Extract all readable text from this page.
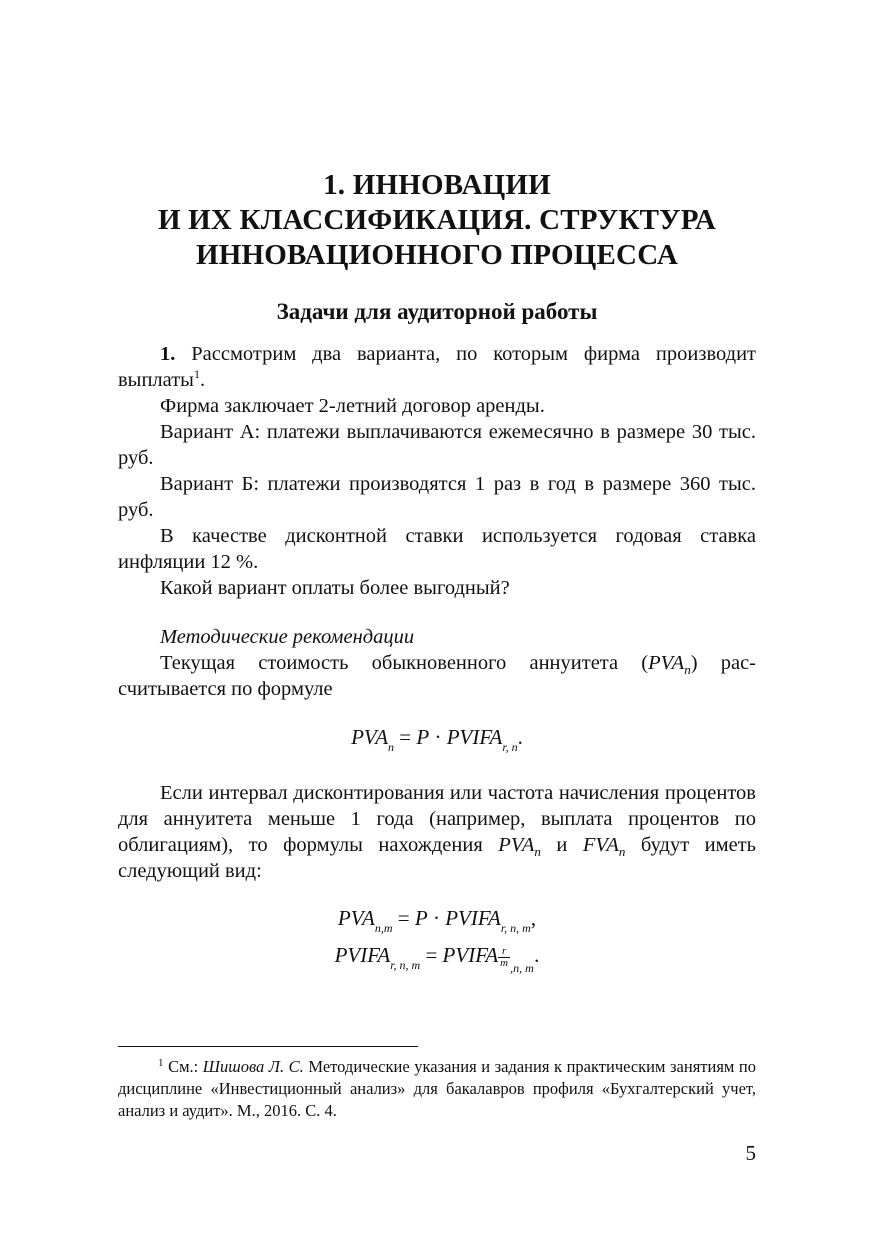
1. ИННОВАЦИИ
И ИХ КЛАССИФИКАЦИЯ. СТРУКТУРА
ИННОВАЦИОННОГО ПРОЦЕССА
Задачи для аудиторной работы

1. Рассмотрим два варианта, по которым фирма производит выплаты$^1$.

Фирма заключает 2-летний договор аренды.

Вариант А: платежи выплачиваются ежемесячно в размере 30 тыс. руб.

Вариант Б: платежи производятся 1 раз в год в размере 360 тыс. руб.

В качестве дисконтной ставки используется годовая ставка инфляции 12 %.

Какой вариант оплаты более выгодный?

Методические рекомендации

Текущая стоимость обыкновенного аннуитета $(PVA_n)$ рас-считывается по формуле

$PVA_n = P$ · $PVIFA_{r, n}$.

Если интервал дисконтирования или частота начисления процентов для аннуитета меньше 1 года (например, выплата процентов по облигациям), то формулы нахождения $PVA_n$ и $FVA_n$ будут иметь следующий вид:

$PVA_{n,m} = P$ · $PVIFA_{r, n, m}$,
$PVIFA_{r, n, m}$ = PVIFA $\frac{r}{m} ,n$, m
.
$^1$ См.: Шишова Л. С. Методические указания и задания к практическим занятиям по дисциплине «Инвестиционный анализ» для бакалавров профиля «Бухгалтерский учет, анализ и аудит». М., 2016. С. 4.
5
